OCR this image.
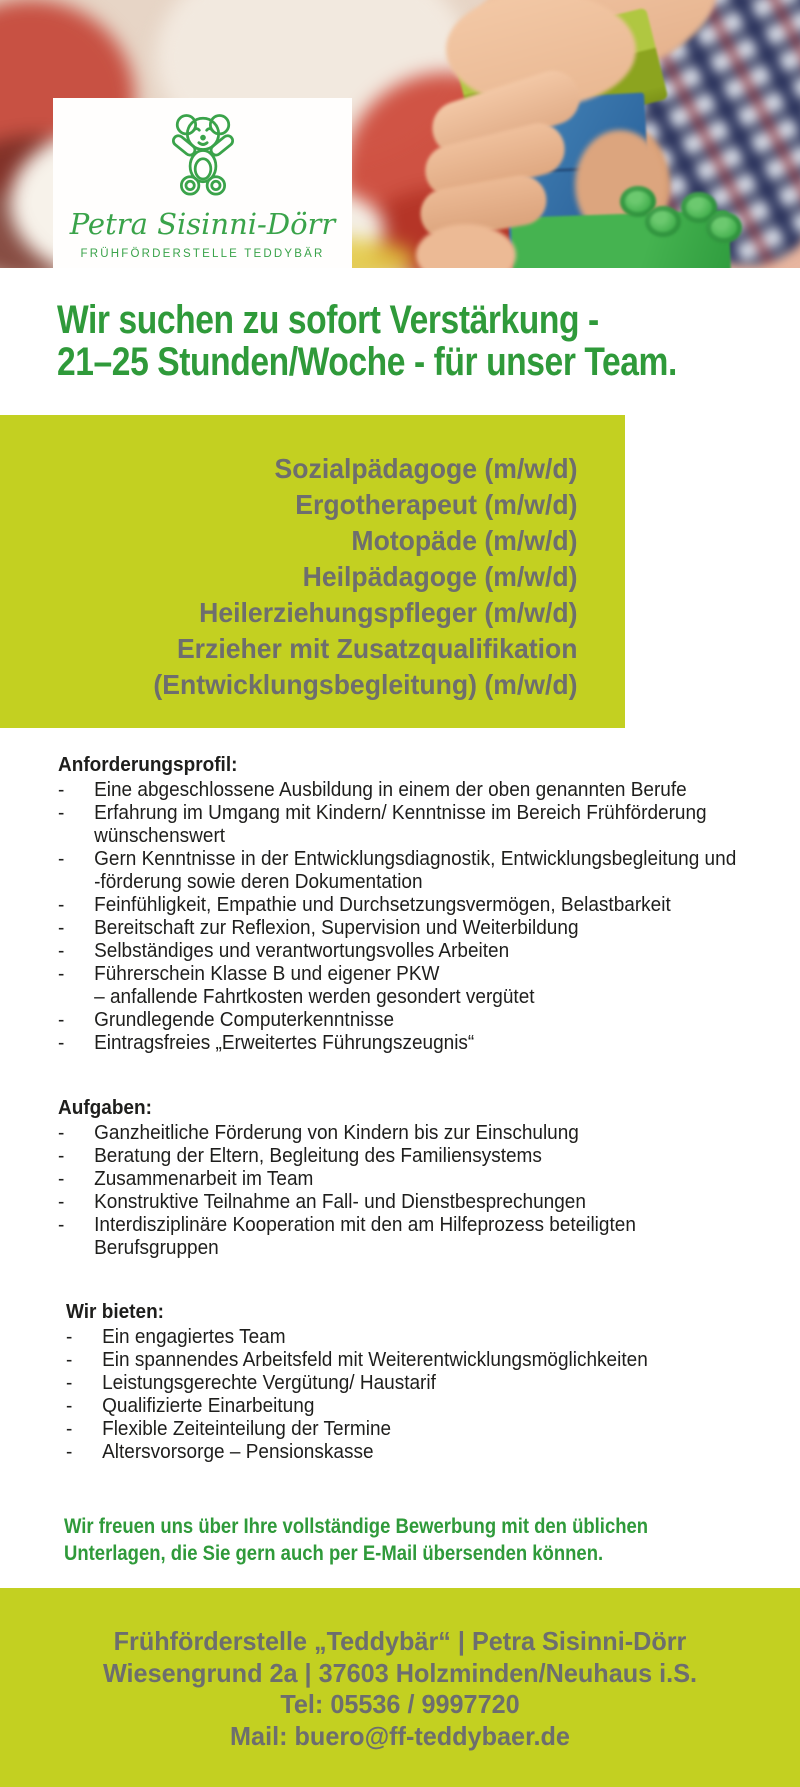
Petra Sisinni-Dörr
FRÜHFÖRDERSTELLE TEDDYBÄR
Wir suchen zu sofort Verstärkung -
21–25 Stunden/Woche - für unser Team.
Sozialpädagoge (m/w/d)
Ergotherapeut (m/w/d)
Motopäde (m/w/d)
Heilpädagoge (m/w/d)
Heilerziehungspfleger (m/w/d)
Erzieher mit Zusatzqualifikation
(Entwicklungsbegleitung) (m/w/d)
Anforderungsprofil:
-	Eine abgeschlossene Ausbildung in einem der oben genannten Berufe
-	Erfahrung im Umgang mit Kindern/ Kenntnisse im Bereich Frühförderung
wünschenswert
-	Gern Kenntnisse in der Entwicklungsdiagnostik, Entwicklungsbegleitung und
-förderung sowie deren Dokumentation
-	Feinfühligkeit, Empathie und Durchsetzungsvermögen, Belastbarkeit
-	Bereitschaft zur Reflexion, Supervision und Weiterbildung
-	Selbständiges und verantwortungsvolles Arbeiten
-	Führerschein Klasse B und eigener PKW
– anfallende Fahrtkosten werden gesondert vergütet
-	Grundlegende Computerkenntnisse
-	Eintragsfreies „Erweitertes Führungszeugnis“
Aufgaben:
-	Ganzheitliche Förderung von Kindern bis zur Einschulung
-	Beratung der Eltern, Begleitung des Familiensystems
-	Zusammenarbeit im Team
-	Konstruktive Teilnahme an Fall- und Dienstbesprechungen
-	Interdisziplinäre Kooperation mit den am Hilfeprozess beteiligten
Berufsgruppen
Wir bieten:
-	Ein engagiertes Team
-	Ein spannendes Arbeitsfeld mit Weiterentwicklungsmöglichkeiten
-	Leistungsgerechte Vergütung/ Haustarif
-	Qualifizierte Einarbeitung
-	Flexible Zeiteinteilung der Termine
-	Altersvorsorge – Pensionskasse
Wir freuen uns über Ihre vollständige Bewerbung mit den üblichen
Unterlagen, die Sie gern auch per E-Mail übersenden können.
Frühförderstelle „Teddybär“ | Petra Sisinni-Dörr
Wiesengrund 2a | 37603 Holzminden/Neuhaus i.S.
Tel: 05536 / 9997720
Mail: buero@ff-teddybaer.de
